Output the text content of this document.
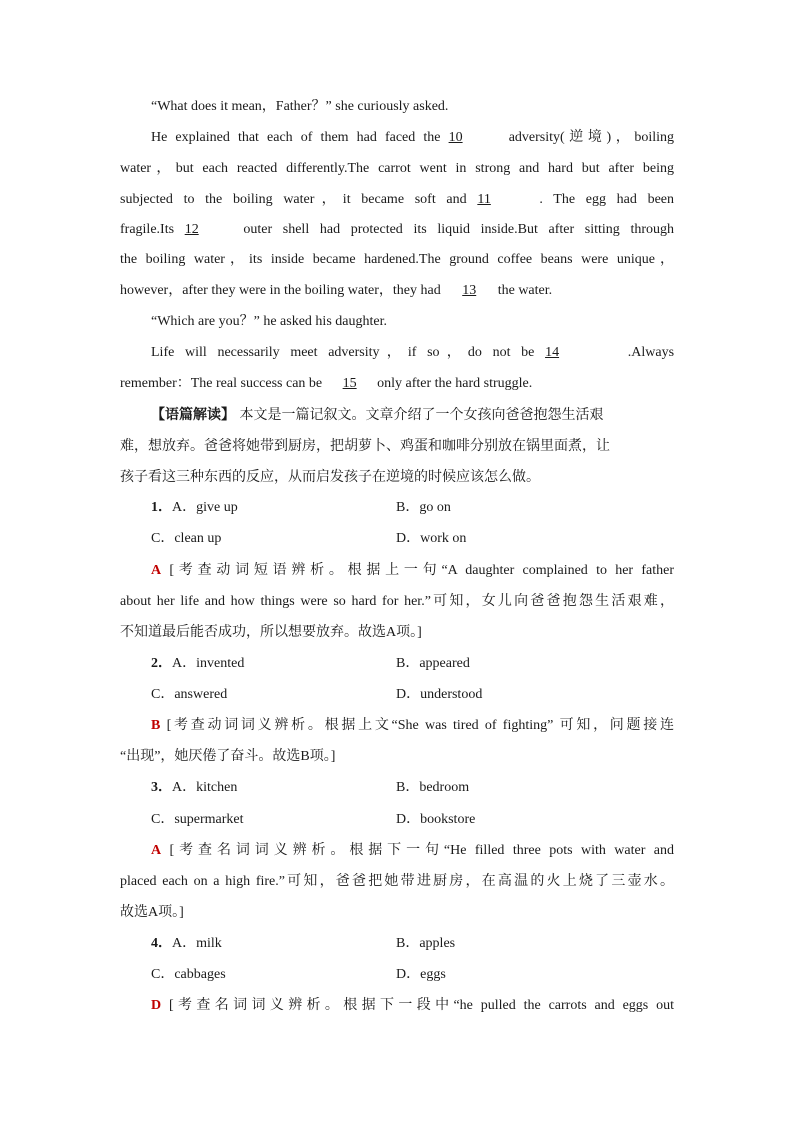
“What does it mean，Father？” she curiously asked.
He explained that each of them had faced the 10	adversity(逆境)，boiling
water，but each reacted differently.The carrot went in strong and hard but after being
subjected to the boiling water，it became soft and 11	. The egg had been
fragile.Its 12	outer shell had protected its liquid inside.But after sitting through
the boiling water，its inside became hardened.The ground coffee beans were unique，
however，after they were in the boiling water，they had 13 the water.
“Which are you？” he asked his daughter.
Life will necessarily meet adversity，if so，do not be 14	.Always
remember：The real success can be 15 only after the hard struggle.
【语篇解读】 本文是一篇记叙文。文章介绍了一个女孩向爸爸抱怨生活艰
难，想放弃。爸爸将她带到厨房，把胡萝卜、鸡蛋和咖啡分别放在锅里面煮，让
孩子看这三种东西的反应，从而启发孩子在逆境的时候应该怎么做。
1．A．give up	B．go on
C．clean up	D．work on
A [考查动词短语辨析。根据上一句“A daughter complained to her father
about her life and how things were so hard for her.”可知，女儿向爸爸抱怨生活艰难，
不知道最后能否成功，所以想要放弃。故选A项。]
2．A．invented	B．appeared
C．answered	D．understood
B [考查动词词义辨析。根据上文“She was tired of fighting” 可知，问题接连
“出现”，她厌倦了奋斗。故选B项。]
3．A．kitchen	B．bedroom
C．supermarket	D．bookstore
A [考查名词词义辨析。根据下一句“He filled three pots with water and
placed each on a high fire.”可知，爸爸把她带进厨房，在高温的火上烧了三壶水。
故选A项。]
4．A．milk	B．apples
C．cabbages	D．eggs
D [考查名词词义辨析。根据下一段中“he pulled the carrots and eggs out
